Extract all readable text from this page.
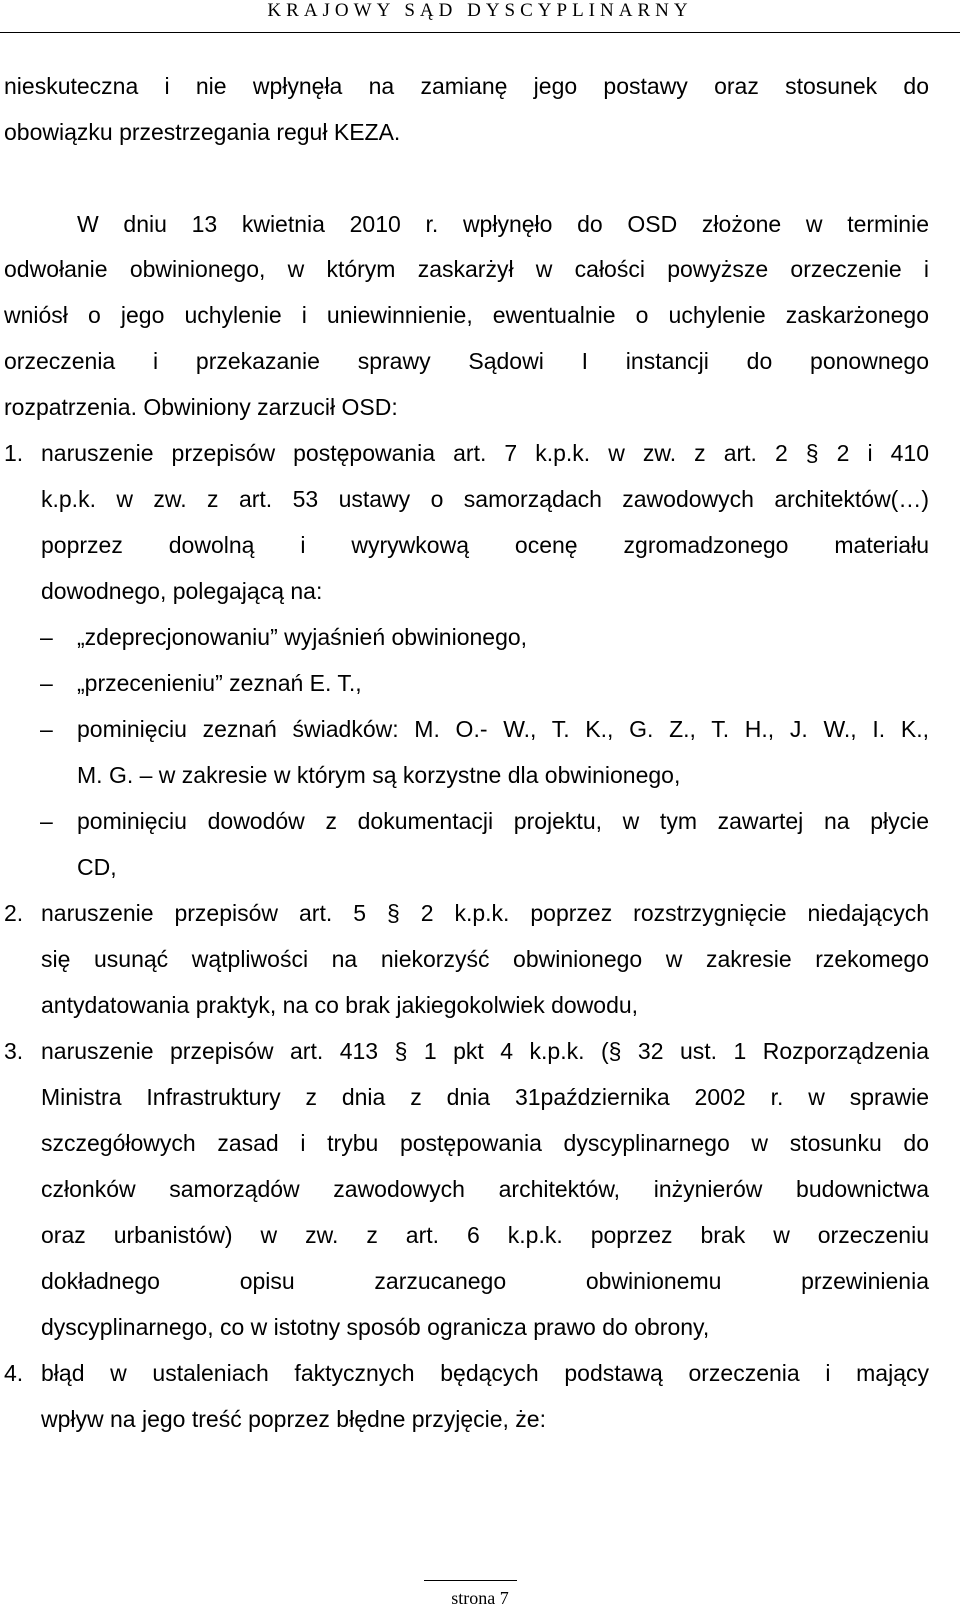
KRAJOWY SĄD DYSCYPLINARNY
nieskuteczna i nie wpłynęła na zamianę jego postawy oraz stosunek do
obowiązku przestrzegania reguł KEZA.
W dniu 13 kwietnia 2010 r. wpłynęło do OSD złożone w terminie
odwołanie obwinionego, w którym zaskarżył w całości powyższe orzeczenie i
wniósł o jego uchylenie i uniewinnienie, ewentualnie o uchylenie zaskarżonego
orzeczenia i przekazanie sprawy Sądowi I instancji do ponownego
rozpatrzenia. Obwiniony zarzucił OSD:
1. naruszenie przepisów postępowania art. 7 k.p.k. w zw. z art. 2 § 2 i 410
k.p.k. w zw. z art. 53 ustawy o samorządach zawodowych architektów(…)
poprzez dowolną i wyrywkową ocenę zgromadzonego materiału
dowodnego, polegającą na:
– „zdeprecjonowaniu” wyjaśnień obwinionego,
– „przecenieniu” zeznań E. T.,
– pominięciu zeznań świadków: M. O.- W., T. K., G. Z., T. H., J. W., I. K.,
M. G. – w zakresie w którym są korzystne dla obwinionego,
– pominięciu dowodów z dokumentacji projektu, w tym zawartej na płycie
CD,
2. naruszenie przepisów art. 5 § 2 k.p.k. poprzez rozstrzygnięcie niedających
się usunąć wątpliwości na niekorzyść obwinionego w zakresie rzekomego
antydatowania praktyk, na co brak jakiegokolwiek dowodu,
3. naruszenie przepisów art. 413 § 1 pkt 4 k.p.k. (§ 32 ust. 1 Rozporządzenia
Ministra Infrastruktury z dnia z dnia 31października 2002 r. w sprawie
szczegółowych zasad i trybu postępowania dyscyplinarnego w stosunku do
członków samorządów zawodowych architektów, inżynierów budownictwa
oraz urbanistów) w zw. z art. 6 k.p.k. poprzez brak w orzeczeniu
dokładnego opisu zarzucanego obwinionemu przewinienia
dyscyplinarnego, co w istotny sposób ogranicza prawo do obrony,
4. błąd w ustaleniach faktycznych będących podstawą orzeczenia i mający
wpływ na jego treść poprzez błędne przyjęcie, że:
strona 7
